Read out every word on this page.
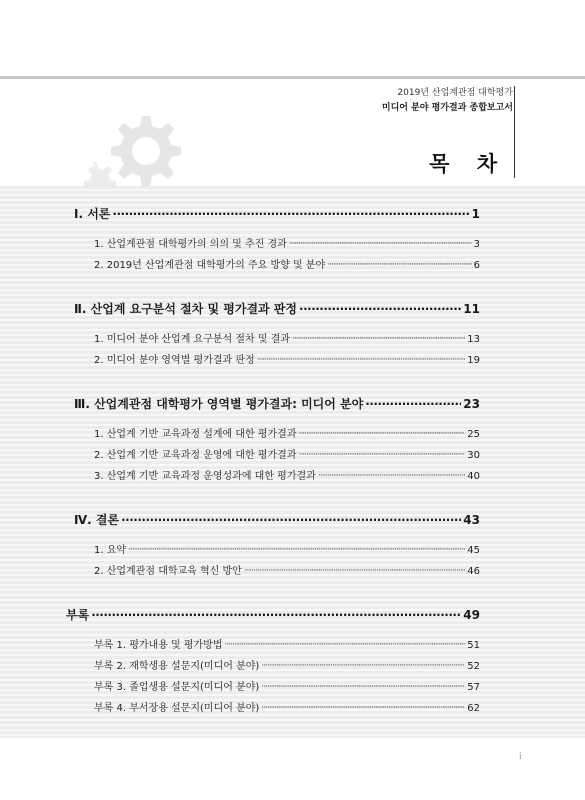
2019년 산업계관점 대학평가
미디어 분야 평가결과 종합보고서
목 차
Ⅰ. 서론 ·····	1
1. 산업계관점 대학평가의 의의 및 추진 경과 ·····	3
2. 2019년 산업계관점 대학평가의 주요 방향 및 분야 ·····	6
Ⅱ. 산업계 요구분석 절차 및 평가결과 판정 ·····	11
1. 미디어 분야 산업계 요구분석 절차 및 결과 ·····	13
2. 미디어 분야 영역별 평가결과 판정 ·····	19
Ⅲ. 산업계관점 대학평가 영역별 평가결과: 미디어 분야 ·····	23
1. 산업계 기반 교육과정 설계에 대한 평가결과 ·····	25
2. 산업계 기반 교육과정 운영에 대한 평가결과 ·····	30
3. 산업계 기반 교육과정 운영성과에 대한 평가결과 ·····	40
Ⅳ. 결론 ·····	43
1. 요약 ·····	45
2. 산업계관점 대학교육 혁신 방안 ·····	46
부록 ·····	49
부록 1. 평가내용 및 평가방법 ·····	51
부록 2. 재학생용 설문지(미디어 분야) ·····	52
부록 3. 졸업생용 설문지(미디어 분야) ·····	57
부록 4. 부서장용 설문지(미디어 분야) ·····	62
i
